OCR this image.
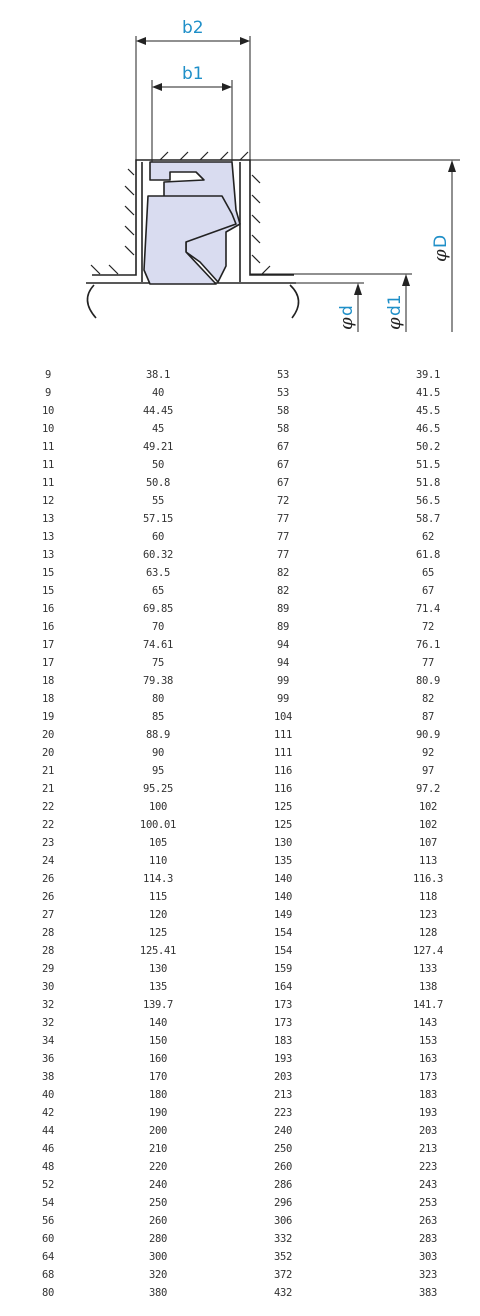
b2
b1
φ
D
φ
d1
φ
d
9	38.1	53	39.1
9	40	53	41.5
10	44.45	58	45.5
10	45	58	46.5
11	49.21	67	50.2
11	50	67	51.5
11	50.8	67	51.8
12	55	72	56.5
13	57.15	77	58.7
13	60	77	62
13	60.32	77	61.8
15	63.5	82	65
15	65	82	67
16	69.85	89	71.4
16	70	89	72
17	74.61	94	76.1
17	75	94	77
18	79.38	99	80.9
18	80	99	82
19	85	104	87
20	88.9	111	90.9
20	90	111	92
21	95	116	97
21	95.25	116	97.2
22	100	125	102
22	100.01	125	102
23	105	130	107
24	110	135	113
26	114.3	140	116.3
26	115	140	118
27	120	149	123
28	125	154	128
28	125.41	154	127.4
29	130	159	133
30	135	164	138
32	139.7	173	141.7
32	140	173	143
34	150	183	153
36	160	193	163
38	170	203	173
40	180	213	183
42	190	223	193
44	200	240	203
46	210	250	213
48	220	260	223
52	240	286	243
54	250	296	253
56	260	306	263
60	280	332	283
64	300	352	303
68	320	372	323
80	380	432	383
